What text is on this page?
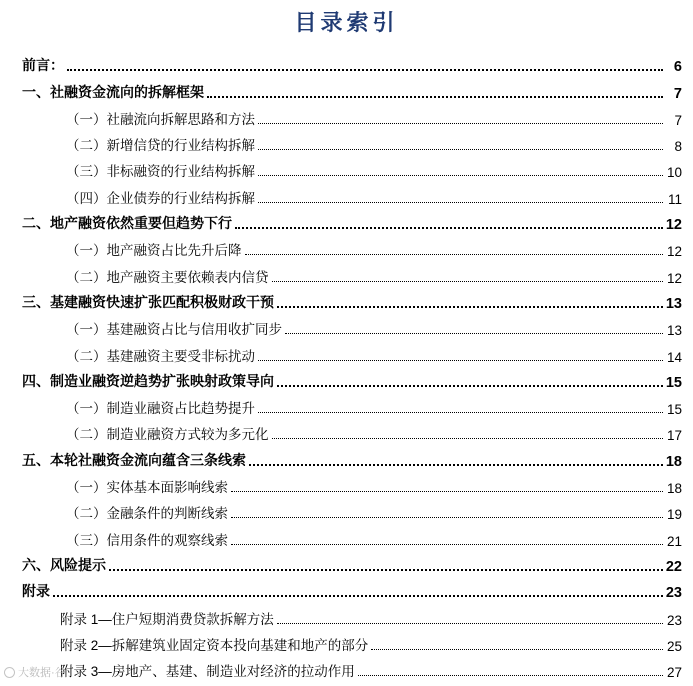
目录索引
前言：	6
一、社融资金流向的拆解框架	7
（一）社融流向拆解思路和方法	7
（二）新增信贷的行业结构拆解	8
（三）非标融资的行业结构拆解	10
（四）企业债券的行业结构拆解	11
二、地产融资依然重要但趋势下行	12
（一）地产融资占比先升后降	12
（二）地产融资主要依赖表内信贷	12
三、基建融资快速扩张匹配积极财政干预	13
（一）基建融资占比与信用收扩同步	13
（二）基建融资主要受非标扰动	14
四、制造业融资逆趋势扩张映射政策导向	15
（一）制造业融资占比趋势提升	15
（二）制造业融资方式较为多元化	17
五、本轮社融资金流向蕴含三条线索	18
（一）实体基本面影响线索	18
（二）金融条件的判断线索	19
（三）信用条件的观察线索	21
六、风险提示	22
附录	23
附录 1—住户短期消费贷款拆解方法	23
附录 2—拆解建筑业固定资本投向基建和地产的部分	25
附录 3—房地产、基建、制造业对经济的拉动作用	27
大数据·谷
